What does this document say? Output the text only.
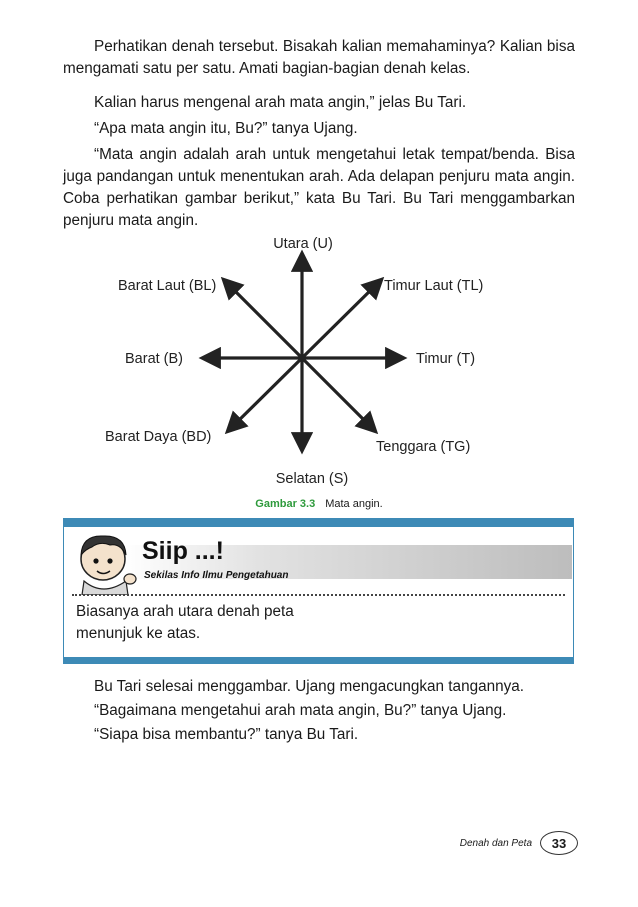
Perhatikan denah tersebut. Bisakah kalian memahaminya? Kalian bisa mengamati satu per satu. Amati bagian-bagian denah kelas.

Kalian harus mengenal arah mata angin,” jelas Bu Tari.

“Apa mata angin itu, Bu?” tanya Ujang.

“Mata angin adalah arah untuk mengetahui letak tempat/benda. Bisa juga pandangan untuk menentukan arah. Ada delapan penjuru mata angin. Coba perhatikan gambar berikut,” kata Bu Tari. Bu Tari menggambarkan penjuru mata angin.

Utara (U)
Timur Laut (TL)
Timur (T)
Tenggara (TG)
Selatan (S)
Barat Daya (BD)
Barat (B)
Barat Laut (BL)
Gambar 3.3 Mata angin.
Siip ...!
Sekilas Info Ilmu Pengetahuan
Biasanya arah utara denah peta
menunjuk ke atas.

Bu Tari selesai menggambar. Ujang mengacungkan tangannya.

“Bagaimana mengetahui arah mata angin, Bu?” tanya Ujang.

“Siapa bisa membantu?” tanya Bu Tari.

Denah dan Peta	33
